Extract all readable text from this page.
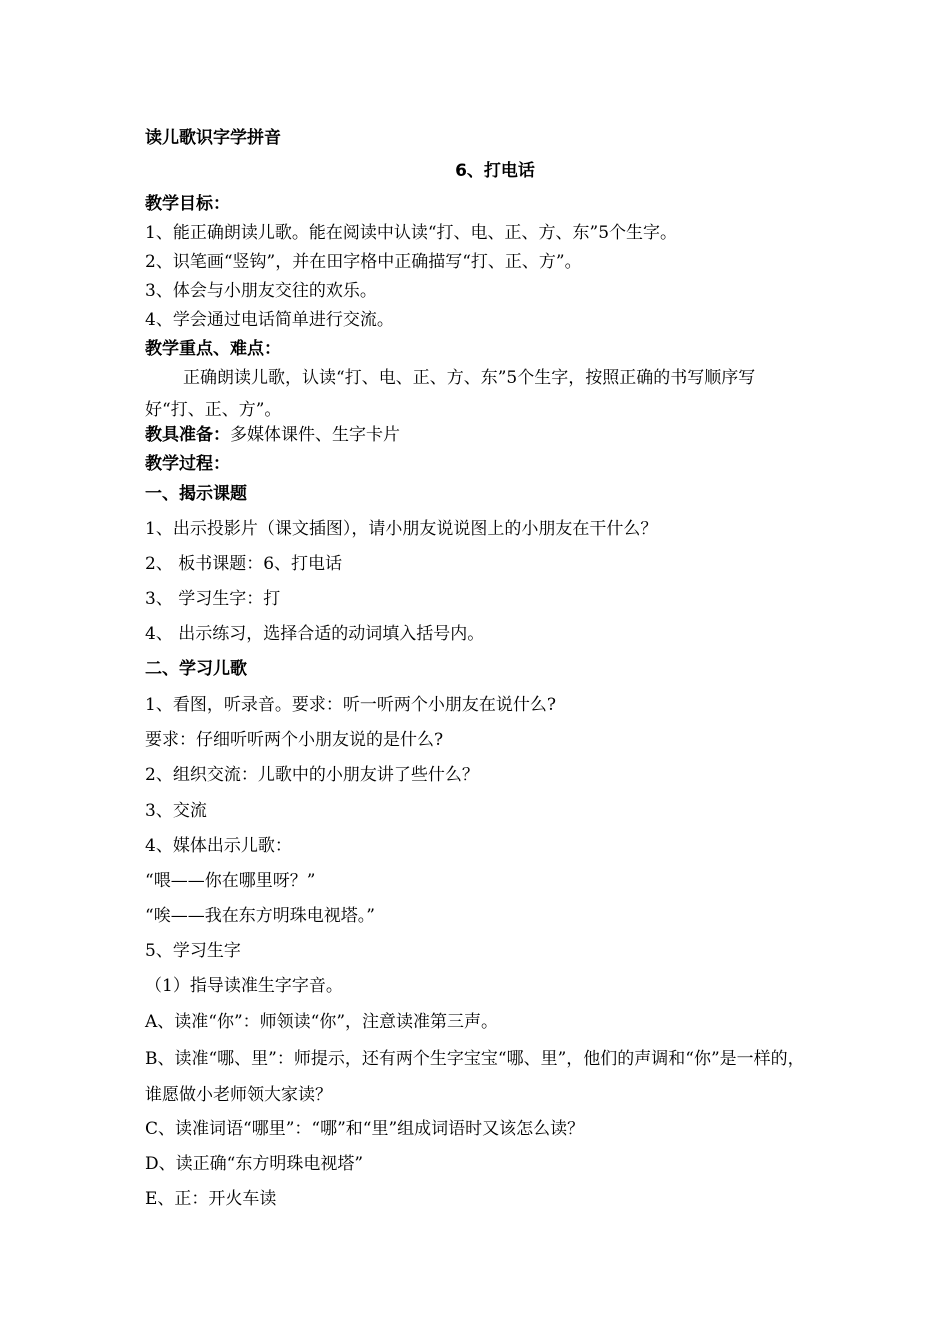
读儿歌识字学拼音
6、打电话
教学目标：
1、能正确朗读儿歌。能在阅读中认读“打、电、正、方、东”5个生字。
2、识笔画“竖钩”，并在田字格中正确描写“打、正、方”。
3、体会与小朋友交往的欢乐。
4、学会通过电话简单进行交流。
教学重点、难点：
正确朗读儿歌，认读“打、电、正、方、东”5个生字，按照正确的书写顺序写好“打、正、方”。
教具准备：多媒体课件、生字卡片
教学过程：
一、揭示课题
1、出示投影片（课文插图），请小朋友说说图上的小朋友在干什么？
2、 板书课题：6、打电话
3、 学习生字：打
4、 出示练习，选择合适的动词填入括号内。
二、学习儿歌
1、看图，听录音。要求：听一听两个小朋友在说什么?
要求：仔细听听两个小朋友说的是什么?
2、组织交流：儿歌中的小朋友讲了些什么？
3、交流
4、媒体出示儿歌：
“喂——你在哪里呀？”
“唉——我在东方明珠电视塔。”
5、学习生字
（1）指导读准生字字音。
A、读准“你”：师领读“你”，注意读准第三声。
B、读准“哪、里”：师提示，还有两个生字宝宝“哪、里”，他们的声调和“你”是一样的，谁愿做小老师领大家读？
C、读准词语“哪里”：“哪”和“里”组成词语时又该怎么读？
D、读正确“东方明珠电视塔”
E、正：开火车读
